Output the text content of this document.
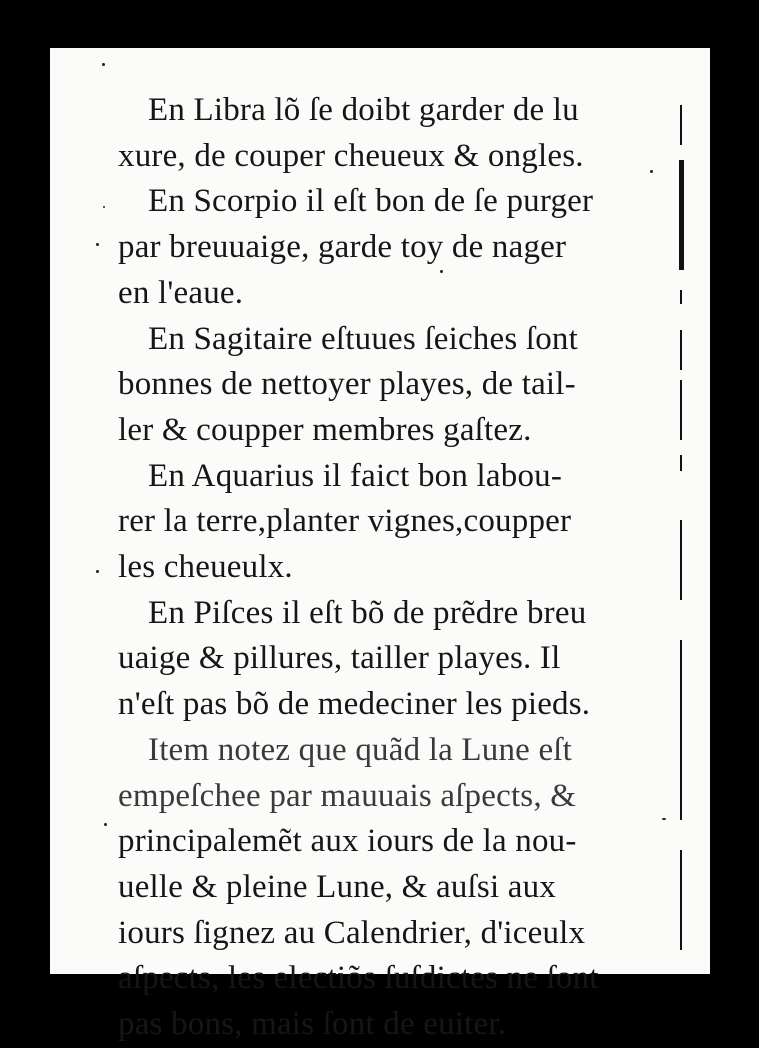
En Libra lõ ſe doibt garder de lu
xure, de couper cheueux & ongles.
En Scorpio il eſt bon de ſe purger
par breuuaige, garde toy de nager
en l'eaue.
En Sagitaire eſtuues ſeiches ſont
bonnes de nettoyer playes, de tail-
ler & coupper membres gaſtez.
En Aquarius il faict bon labou-
rer la terre,planter vignes,coupper
les cheueulx.
En Piſces il eſt bõ de prẽdre breu
uaige & pillures, tailler playes. Il
n'eſt pas bõ de medeciner les pieds.
Item notez que quãd la Lune eſt
empeſchee par mauuais aſpects, &
principalemẽt aux iours de la nou-
uelle & pleine Lune, & auſsi aux
iours ſignez au Calendrier, d'iceulx
aſpects, les electiõs ſuſdictes ne ſont
pas bons, mais ſont de euiter.
